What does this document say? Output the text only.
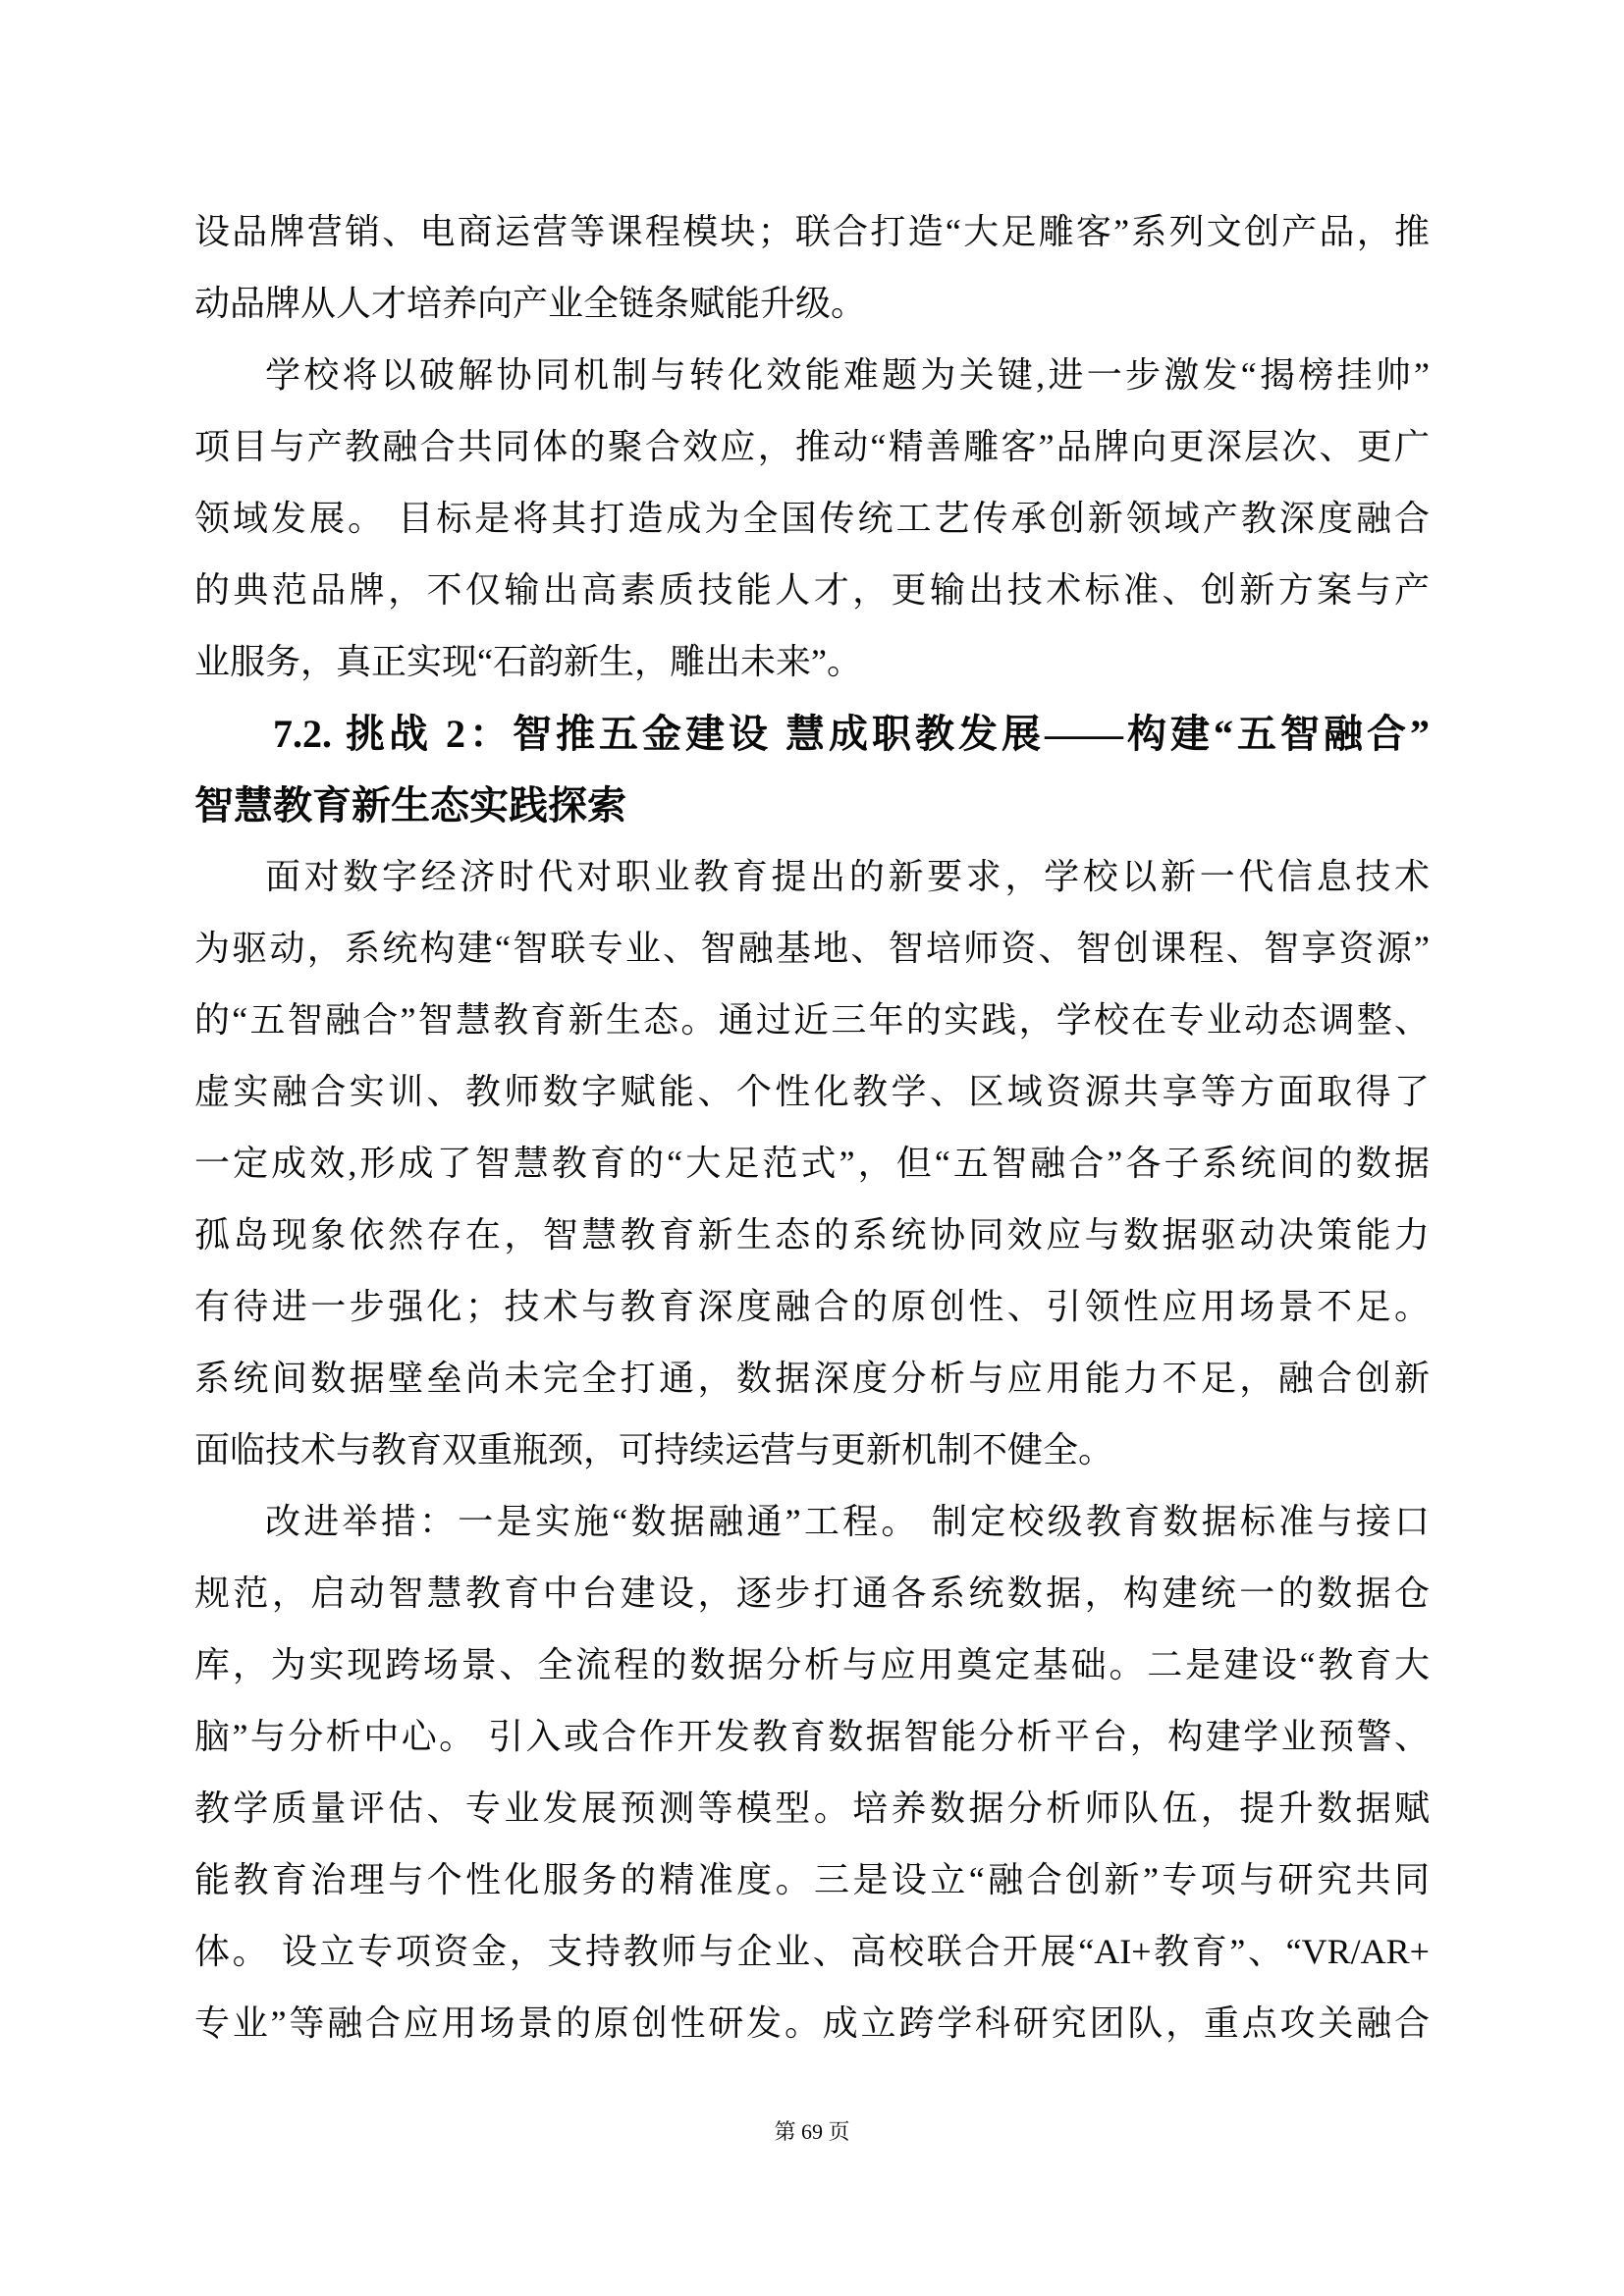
设品牌营销、电商运营等课程模块；联合打造“大足雕客”系列文创产品，推
动品牌从人才培养向产业全链条赋能升级。
学校将以破解协同机制与转化效能难题为关键,进一步激发“揭榜挂帅”
项目与产教融合共同体的聚合效应，推动“精善雕客”品牌向更深层次、更广
领域发展。 目标是将其打造成为全国传统工艺传承创新领域产教深度融合
的典范品牌，不仅输出高素质技能人才，更输出技术标准、创新方案与产
业服务，真正实现“石韵新生，雕出未来”。
7.2. 挑战 2：智推五金建设 慧成职教发展——构建“五智融合”
智慧教育新生态实践探索
面对数字经济时代对职业教育提出的新要求，学校以新一代信息技术
为驱动，系统构建“智联专业、智融基地、智培师资、智创课程、智享资源”
的“五智融合”智慧教育新生态。通过近三年的实践，学校在专业动态调整、
虚实融合实训、教师数字赋能、个性化教学、区域资源共享等方面取得了
一定成效,形成了智慧教育的“大足范式”，但“五智融合”各子系统间的数据
孤岛现象依然存在，智慧教育新生态的系统协同效应与数据驱动决策能力
有待进一步强化；技术与教育深度融合的原创性、引领性应用场景不足。
系统间数据壁垒尚未完全打通，数据深度分析与应用能力不足，融合创新
面临技术与教育双重瓶颈，可持续运营与更新机制不健全。
改进举措：一是实施“数据融通”工程。 制定校级教育数据标准与接口
规范，启动智慧教育中台建设，逐步打通各系统数据，构建统一的数据仓
库，为实现跨场景、全流程的数据分析与应用奠定基础。二是建设“教育大
脑”与分析中心。 引入或合作开发教育数据智能分析平台，构建学业预警、
教学质量评估、专业发展预测等模型。培养数据分析师队伍，提升数据赋
能教育治理与个性化服务的精准度。三是设立“融合创新”专项与研究共同
体。 设立专项资金，支持教师与企业、高校联合开展“AI+教育”、“VR/AR+
专业”等融合应用场景的原创性研发。成立跨学科研究团队，重点攻关融合
第 69 页
